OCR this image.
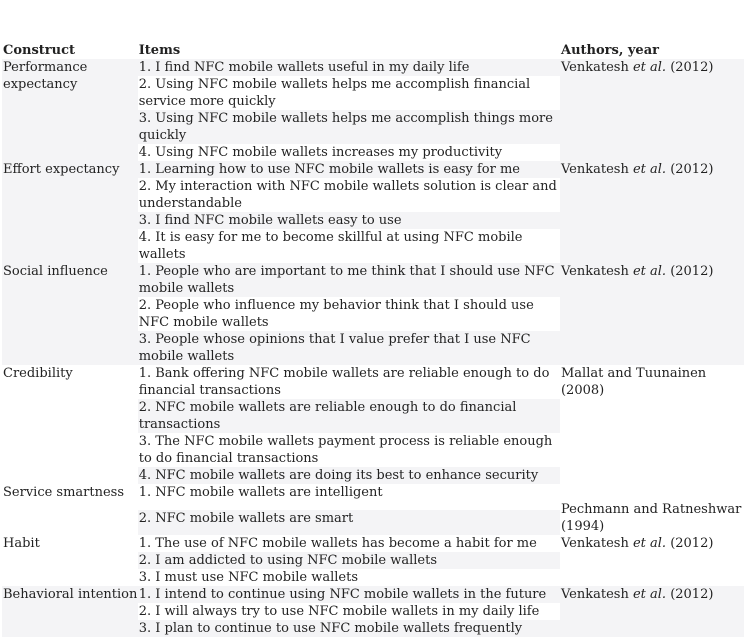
Construct	Items	Authors, year
Performance expectancy	1. I find NFC mobile wallets useful in my daily life	Venkatesh et al. (2012)
	2. Using NFC mobile wallets helps me accomplish financial service more quickly	
	3. Using NFC mobile wallets helps me accomplish things more quickly	
	4. Using NFC mobile wallets increases my productivity	
Effort expectancy	1. Learning how to use NFC mobile wallets is easy for me	Venkatesh et al. (2012)
	2. My interaction with NFC mobile wallets solution is clear and understandable	
	3. I find NFC mobile wallets easy to use	
	4. It is easy for me to become skillful at using NFC mobile wallets	
Social influence	1. People who are important to me think that I should use NFC mobile wallets	Venkatesh et al. (2012)
	2. People who influence my behavior think that I should use NFC mobile wallets	
	3. People whose opinions that I value prefer that I use NFC mobile wallets	
Credibility	1. Bank offering NFC mobile wallets are reliable enough to do financial transactions	Mallat and Tuunainen (2008)
	2. NFC mobile wallets are reliable enough to do financial transactions	
	3. The NFC mobile wallets payment process is reliable enough to do financial transactions	
	4. NFC mobile wallets are doing its best to enhance security	
Service smartness	1. NFC mobile wallets are intelligent	Pechmann and Ratneshwar (1994)
	2. NFC mobile wallets are smart	
Habit	1. The use of NFC mobile wallets has become a habit for me	Venkatesh et al. (2012)
	2. I am addicted to using NFC mobile wallets	
	3. I must use NFC mobile wallets	
Behavioral intention	1. I intend to continue using NFC mobile wallets in the future	Venkatesh et al. (2012)
	2. I will always try to use NFC mobile wallets in my daily life	
	3. I plan to continue to use NFC mobile wallets frequently	
